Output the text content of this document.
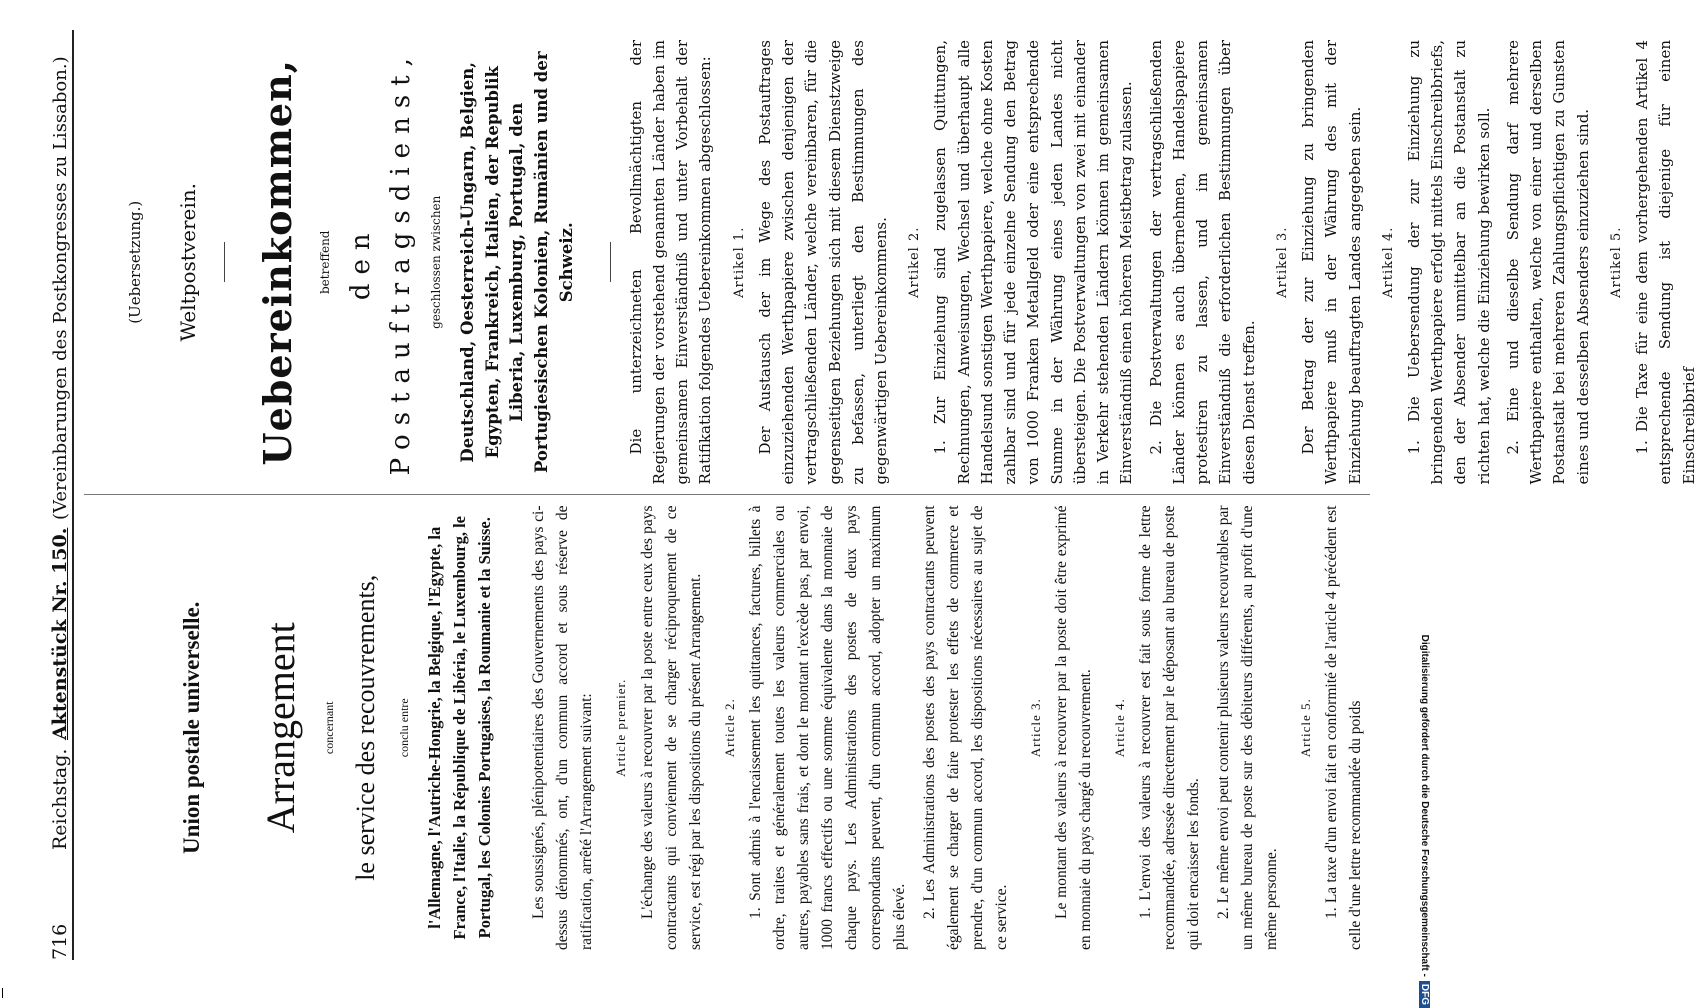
716
Reichstag.
Aktenstück Nr. 150.
(Vereinbarungen des Postkongresses zu Lissabon.)
Union postale universelle. Arrangement	concernant le service des recouvrements,	conclu entre l'Allemagne, l'Autriche-Hongrie, la Belgique, l'Egypte, la France, l'Italie, la République de Libéria, le Luxembourg, le Portugal, les Colonies Portugaises, la Roumanie et la Suisse. Les soussignés, plénipotentiaires des Gouvernements des pays ci-dessus dénommés, ont, d'un commun accord et sous réserve de ratification, arrêté l'Arrangement suivant:	Article premier. L'échange des valeurs à recouvrer par la poste entre ceux des pays contractants qui conviennent de se charger réciproquement de ce service, est régi par les dispositions du présent Arrangement.	Article 2. 1. Sont admis à l'encaissement les quittances, factures, billets à ordre, traites et généralement toutes les valeurs commerciales ou autres, payables sans frais, et dont le montant n'excède pas, par envoi, 1000 francs effectifs ou une somme équivalente dans la monnaie de chaque pays. Les Administrations des postes de deux pays correspondants peuvent, d'un commun accord, adopter un maximum plus élevé. 2. Les Administrations des postes des pays contractants peuvent également se charger de faire protester les effets de commerce et prendre, d'un commun accord, les dispositions nécessaires au sujet de ce service.

Article 3. Le montant des valeurs à recouvrer par la poste doit être exprimé en monnaie du pays chargé du recouvrement.	Article 4. 1. L'envoi des valeurs à recouvrer est fait sous forme de lettre recommandée, adressée directement par le déposant au bureau de poste qui doit encaisser les fonds. 2. Le même envoi peut contenir plusieurs valeurs recouvrables par un même bureau de poste sur des débiteurs différents, au profit d'une même personne.

Article 5. 1. La taxe d'un envoi fait en conformité de l'article 4 précédent est celle d'une lettre recommandée du poids

(Uebersetzung.) Weltpostverein. Uebereinkommen,	betreffend den Postauftragsdienst,	geschlossen zwischen Deutschland, Oesterreich-Ungarn, Belgien, Egypten, Frankreich, Italien, der Republik Liberia, Luxemburg, Portugal, den Portugiesischen Kolonien, Rumänien und der Schweiz.	Die unterzeichneten Bevollmächtigten der Regierungen der vorstehend genannten Länder haben im gemeinsamen Einverständniß und unter Vorbehalt der Ratifikation folgendes Uebereinkommen abgeschlossen: Artikel 1. Der Austausch der im Wege des Postauftrages einzuziehenden Werthpapiere zwischen denjenigen der vertragschließenden Länder, welche vereinbaren, für die gegenseitigen Beziehungen sich mit diesem Dienstzweige zu befassen, unterliegt den Bestimmungen des gegenwärtigen Uebereinkommens. Artikel 2. 1. Zur Einziehung sind zugelassen Quittungen, Rechnungen, Anweisungen, Wechsel und überhaupt alle Handelsund sonstigen Werthpapiere, welche ohne Kosten zahlbar sind und für jede einzelne Sendung den Betrag von 1000 Franken Metallgeld oder eine entsprechende Summe in der Währung eines jeden Landes nicht übersteigen. Die Postverwaltungen von zwei mit einander in Verkehr stehenden Ländern können im gemeinsamen Einverständniß einen höheren Meistbetrag zulassen. 2. Die Postverwaltungen der vertragschließenden Länder können es auch übernehmen, Handelspapiere protestiren zu lassen, und im gemeinsamen Einverständniß die erforderlichen Bestimmungen über diesen Dienst treffen.

Artikel 3. Der Betrag der zur Einziehung zu bringenden Werthpapiere muß in der Währung des mit der Einziehung beauftragten Landes angegeben sein. Artikel 4. 1. Die Uebersendung der zur Einziehung zu bringenden Werthpapiere erfolgt mittels Einschreibbriefs, den der Absender unmittelbar an die Postanstalt zu richten hat, welche die Einziehung bewirken soll. 2. Eine und dieselbe Sendung darf mehrere Werthpapiere enthalten, welche von einer und derselben Postanstalt bei mehreren Zahlungspflichtigen zu Gunsten eines und desselben Absenders einzuziehen sind. Artikel 5. 1. Die Taxe für eine dem vorhergehenden Artikel 4 entsprechende Sendung ist diejenige für einen Einschreibbrief

Digitalisierung gefördert durch die Deutsche Forschungsgemeinschaft -DFG
